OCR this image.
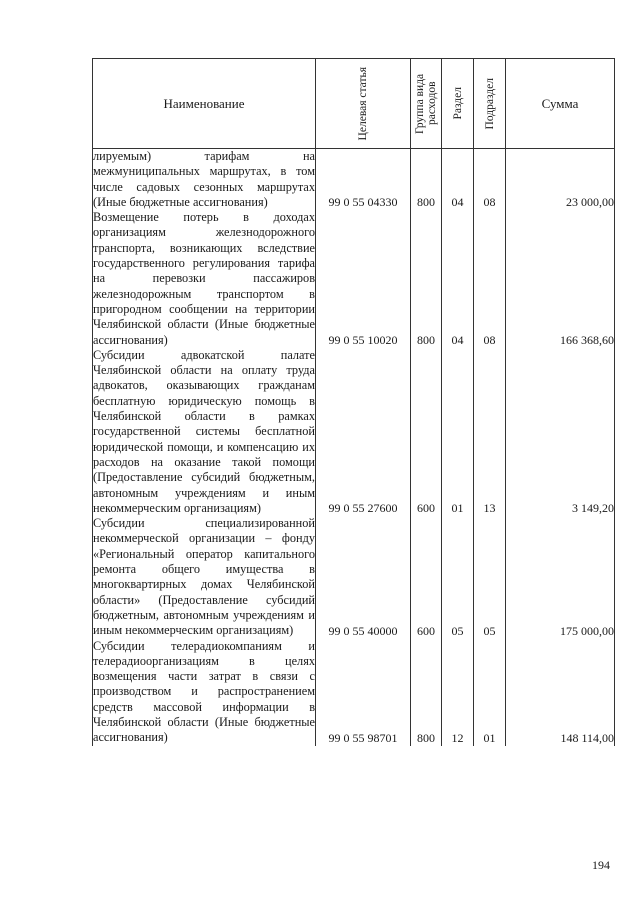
Наименование	Целевая статья	Группа вида расходов	Раздел	Подраздел	Сумма
лируемым) тарифам на межмуниципальных маршрутах, в том числе садовых сезонных маршрутах (Иные бюджетные ассигнования)	99 0 55 04330	800	04	08	23 000,00
Возмещение потерь в доходах организациям железнодорожного транспорта, возникающих вследствие государственного регулирования тарифа на перевозки пассажиров железнодорожным транспортом в пригородном сообщении на территории Челябинской области (Иные бюджетные ассигнования)	99 0 55 10020	800	04	08	166 368,60
Субсидии адвокатской палате Челябинской области на оплату труда адвокатов, оказывающих гражданам бесплатную юридическую помощь в Челябинской области в рамках государственной системы бесплатной юридической помощи, и компенсацию их расходов на оказание такой помощи (Предоставление субсидий бюджетным, автономным учреждениям и иным некоммерческим организациям)	99 0 55 27600	600	01	13	3 149,20
Субсидии специализированной некоммерческой организации – фонду «Региональный оператор капитального ремонта общего имущества в многоквартирных домах Челябинской области» (Предоставление субсидий бюджетным, автономным учреждениям и иным некоммерческим организациям)	99 0 55 40000	600	05	05	175 000,00
Субсидии телерадиокомпаниям и телерадиоорганизациям в целях возмещения части затрат в связи с производством и распространением средств массовой информации в Челябинской области (Иные бюджетные ассигнования)	99 0 55 98701	800	12	01	148 114,00
194
